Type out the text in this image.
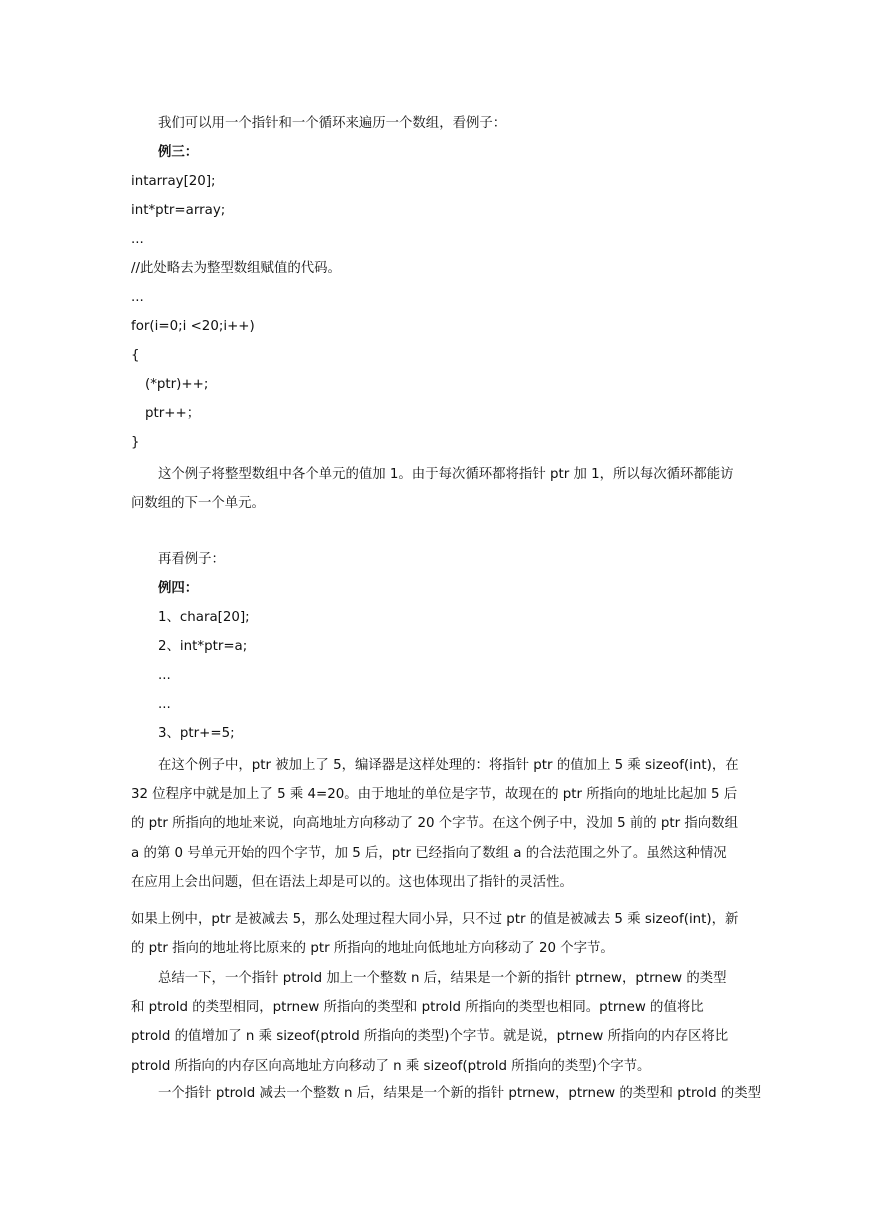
我们可以用一个指针和一个循环来遍历一个数组，看例子：
例三：
intarray[20];
int*ptr=array;
...
//此处略去为整型数组赋值的代码。
...
for(i=0;i <20;i++)
{
(*ptr)++;
ptr++；
}
这个例子将整型数组中各个单元的值加 1。由于每次循环都将指针 ptr 加 1，所以每次循环都能访问数组的下一个单元。
再看例子：
例四：
1、chara[20];
2、int*ptr=a;
...
...
3、ptr+=5;
在这个例子中，ptr 被加上了 5，编译器是这样处理的：将指针 ptr 的值加上 5 乘 sizeof(int)，在 32 位程序中就是加上了 5 乘 4=20。由于地址的单位是字节，故现在的 ptr 所指向的地址比起加 5 后的 ptr 所指向的地址来说，向高地址方向移动了 20 个字节。在这个例子中，没加 5 前的 ptr 指向数组 a 的第 0 号单元开始的四个字节，加 5 后，ptr 已经指向了数组 a 的合法范围之外了。虽然这种情况在应用上会出问题，但在语法上却是可以的。这也体现出了指针的灵活性。
如果上例中，ptr 是被减去 5，那么处理过程大同小异，只不过 ptr 的值是被减去 5 乘 sizeof(int)，新的 ptr 指向的地址将比原来的 ptr 所指向的地址向低地址方向移动了 20 个字节。
总结一下，一个指针 ptrold 加上一个整数 n 后，结果是一个新的指针 ptrnew，ptrnew 的类型和 ptrold 的类型相同，ptrnew 所指向的类型和 ptrold 所指向的类型也相同。ptrnew 的值将比 ptrold 的值增加了 n 乘 sizeof(ptrold 所指向的类型)个字节。就是说，ptrnew 所指向的内存区将比 ptrold 所指向的内存区向高地址方向移动了 n 乘 sizeof(ptrold 所指向的类型)个字节。
一个指针 ptrold 减去一个整数 n 后，结果是一个新的指针 ptrnew，ptrnew 的类型和 ptrold 的类型
